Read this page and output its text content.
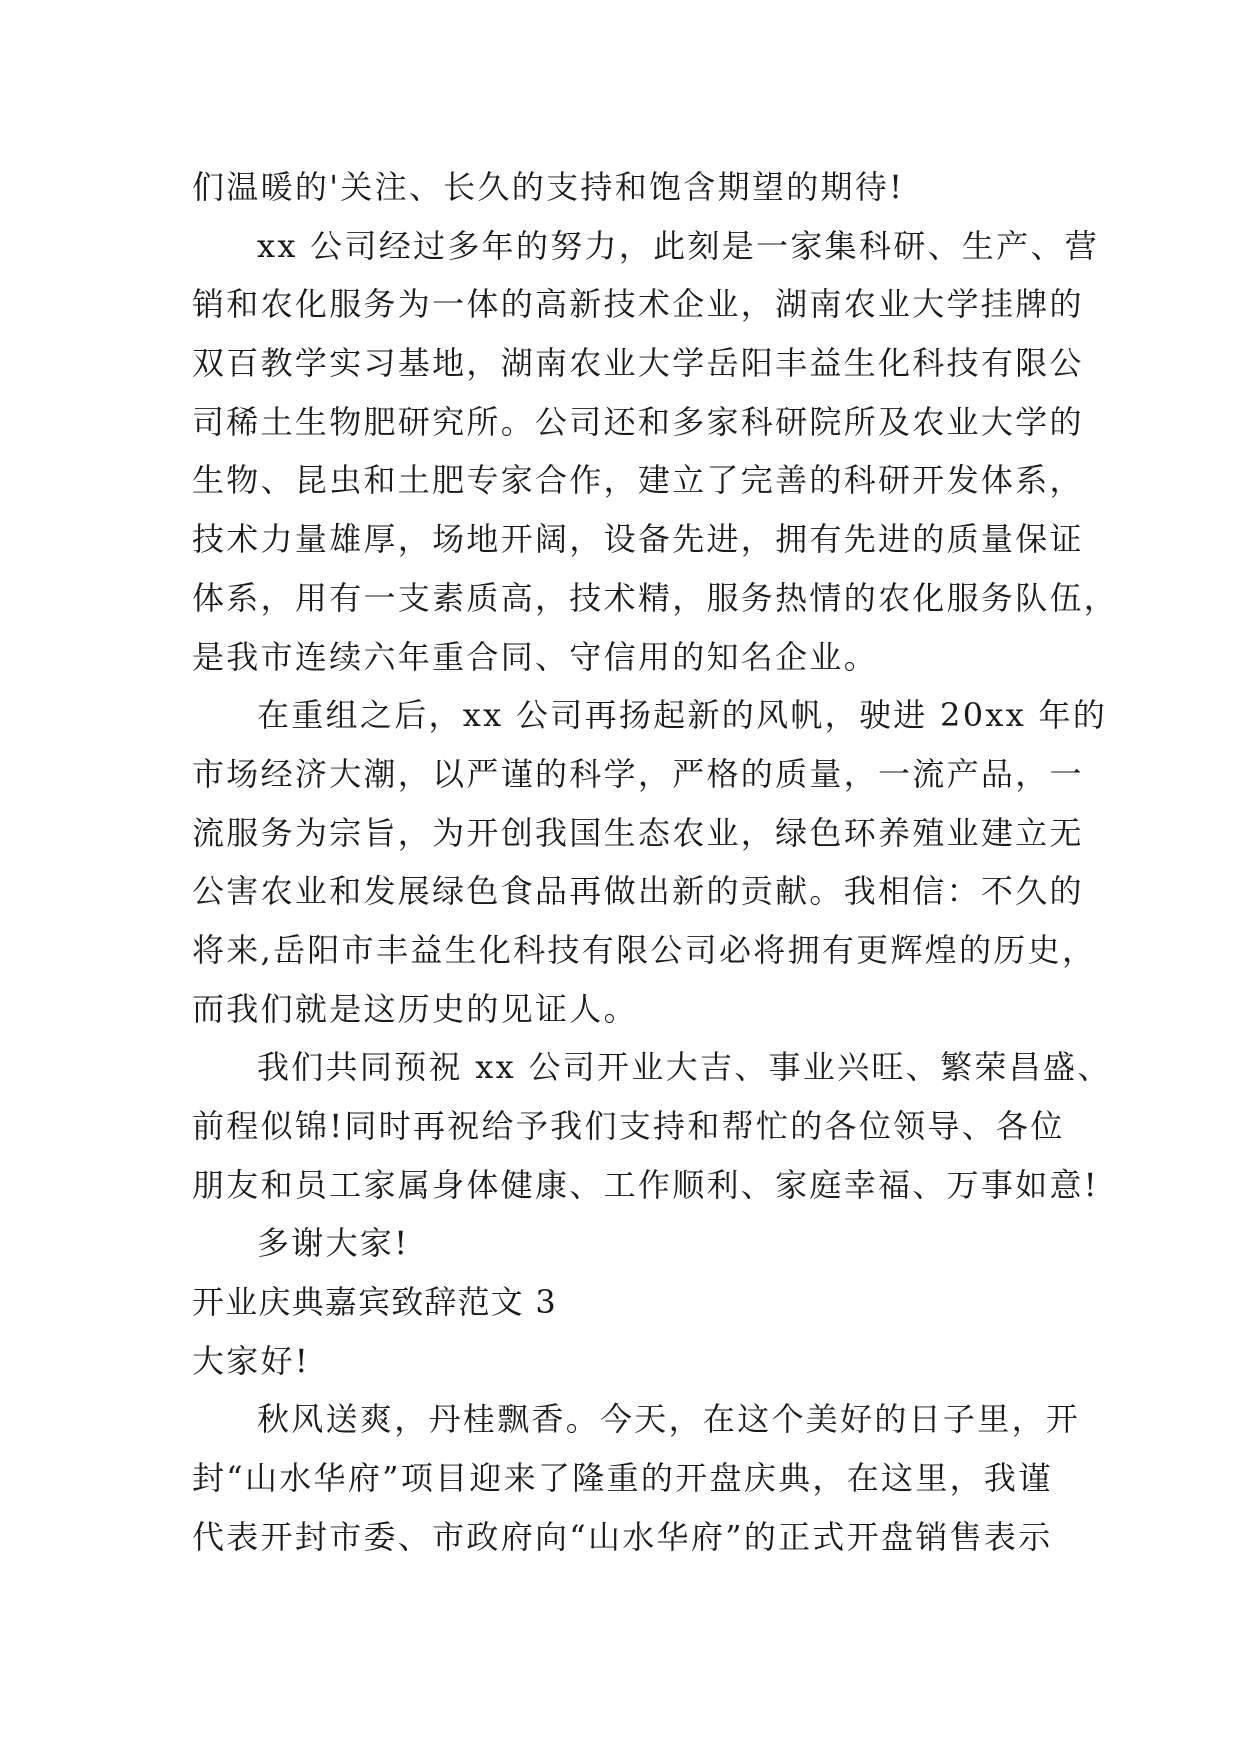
们温暖的'关注、长久的支持和饱含期望的期待!
xx 公司经过多年的努力，此刻是一家集科研、生产、营
销和农化服务为一体的高新技术企业，湖南农业大学挂牌的
双百教学实习基地，湖南农业大学岳阳丰益生化科技有限公
司稀土生物肥研究所。公司还和多家科研院所及农业大学的
生物、昆虫和土肥专家合作，建立了完善的科研开发体系，
技术力量雄厚，场地开阔，设备先进，拥有先进的质量保证
体系，用有一支素质高，技术精，服务热情的农化服务队伍，
是我市连续六年重合同、守信用的知名企业。
在重组之后，xx 公司再扬起新的风帆，驶进 20xx 年的
市场经济大潮，以严谨的科学，严格的质量，一流产品，一
流服务为宗旨，为开创我国生态农业，绿色环养殖业建立无
公害农业和发展绿色食品再做出新的贡献。我相信：不久的
将来,岳阳市丰益生化科技有限公司必将拥有更辉煌的历史，
而我们就是这历史的见证人。
我们共同预祝 xx 公司开业大吉、事业兴旺、繁荣昌盛、
前程似锦!同时再祝给予我们支持和帮忙的各位领导、各位
朋友和员工家属身体健康、工作顺利、家庭幸福、万事如意!
多谢大家!
开业庆典嘉宾致辞范文 3
大家好!
秋风送爽，丹桂飘香。今天，在这个美好的日子里，开
封“山水华府”项目迎来了隆重的开盘庆典，在这里，我谨
代表开封市委、市政府向“山水华府”的正式开盘销售表示
